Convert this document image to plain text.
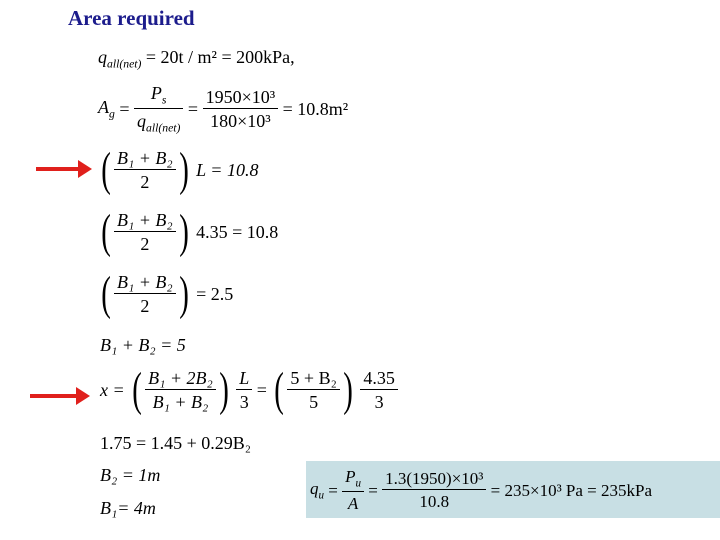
Area required
$q_{all(net)} = 20t / m^2 = 200kPa$,
$A_g = \frac{P_s}{q_{all(net)}} = \frac{\text{1950×10³}}{\text{180×10³}} = 10.8m^2$
( $\frac{\text{B₁ + B₂}}{2}$ ) L = 10.8
( $\frac{\text{B₁ + B₂}}{2}$ ) 4.35 = 10.8
( $\frac{\text{B₁ + B₂}}{2}$ ) = 2.5
B₁ + B₂ = 5
x = ( $\frac{\text{B₁ + 2B₂}}{\text{B₁ + B₂}}$ ) $\frac{L}{3}$ = ( $\frac{\text{5 + B₂}}{5}$ ) $\frac{4.35}{3}$
1.75 = 1.45 + 0.29B₂
B₂ = 1m
B₁= 4m
$q_u = \frac{P_u}{A} = \frac{\text{1.3(1950)×10³}}{10.8} = 235\times 10^3$ Pa = 235kPa
